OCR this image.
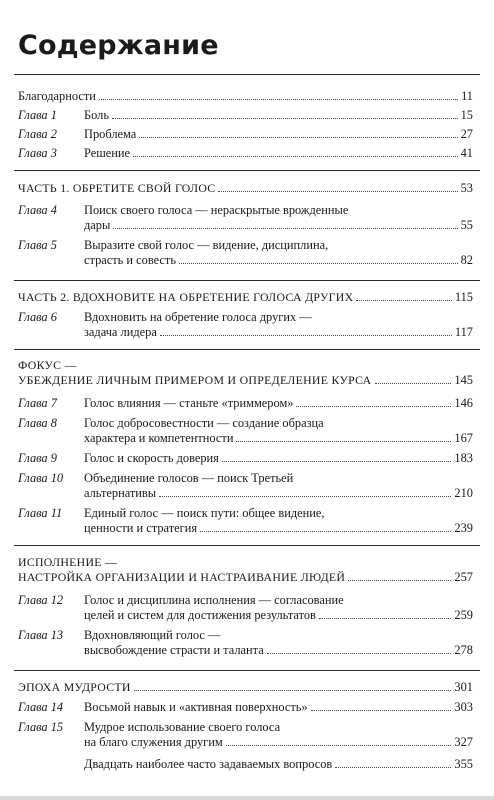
Содержание
Благодарности	11
Глава 1 Боль	15
Глава 2 Проблема	27
Глава 3 Решение	41
ЧАСТЬ 1. ОБРЕТИТЕ СВОЙ ГОЛОС	53
Глава 4 Поиск своего голоса — нераскрытые врожденные
дары	55
Глава 5 Выразите свой голос — видение, дисциплина,
страсть и совесть	82
ЧАСТЬ 2. ВДОХНОВИТЕ НА ОБРЕТЕНИЕ ГОЛОСА ДРУГИХ	115
Глава 6 Вдохновить на обретение голоса других —
задача лидера	117
ФОКУС —
УБЕЖДЕНИЕ ЛИЧНЫМ ПРИМЕРОМ И ОПРЕДЕЛЕНИЕ КУРСА	145
Глава 7 Голос влияния — станьте «триммером»	146
Глава 8 Голос добросовестности — создание образца
характера и компетентности	167
Глава 9 Голос и скорость доверия	183
Глава 10 Объединение голосов — поиск Третьей
альтернативы	210
Глава 11 Единый голос — поиск пути: общее видение,
ценности и стратегия	239
ИСПОЛНЕНИЕ —
НАСТРОЙКА ОРГАНИЗАЦИИ И НАСТРАИВАНИЕ ЛЮДЕЙ	257
Глава 12 Голос и дисциплина исполнения — согласование
целей и систем для достижения результатов	259
Глава 13 Вдохновляющий голос —
высвобождение страсти и таланта	278
ЭПОХА МУДРОСТИ	301
Глава 14 Восьмой навык и «активная поверхность»	303
Глава 15 Мудрое использование своего голоса
на благо служения другим	327
Двадцать наиболее часто задаваемых вопросов	355
